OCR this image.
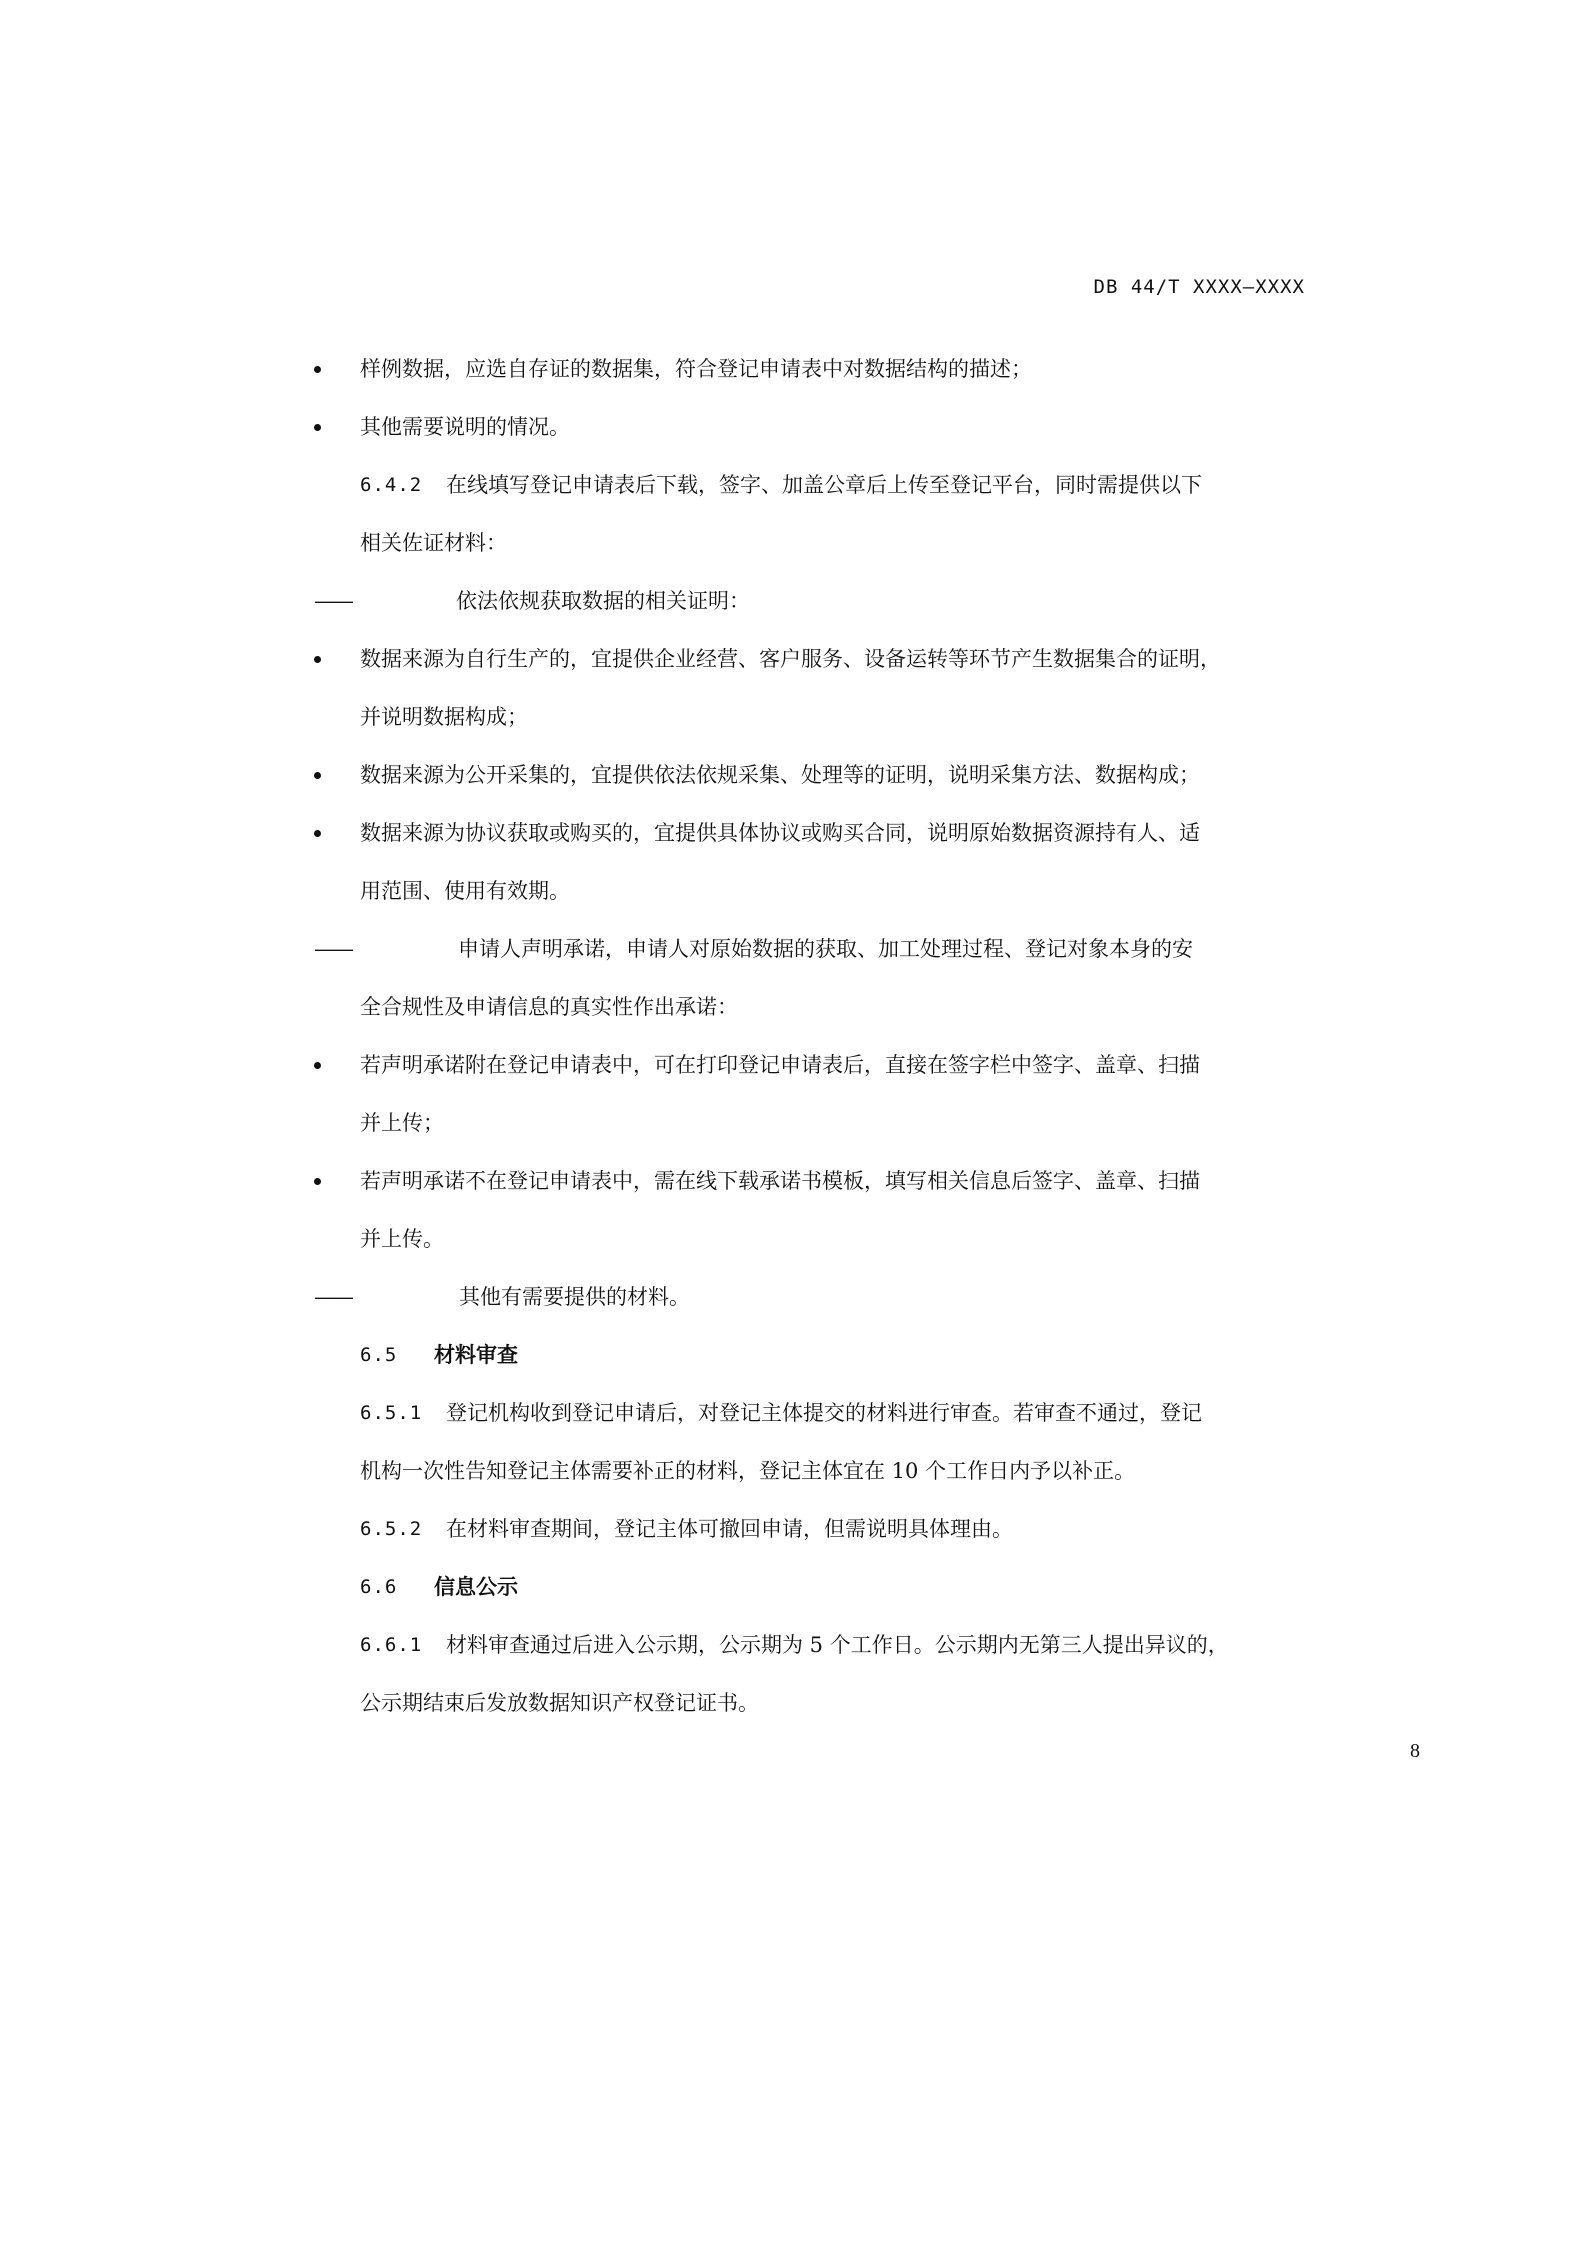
DB 44/T XXXX—XXXX
样例数据，应选自存证的数据集，符合登记申请表中对数据结构的描述；
其他需要说明的情况。
6.4.2 在线填写登记申请表后下载，签字、加盖公章后上传至登记平台，同时需提供以下
相关佐证材料：
——	依法依规获取数据的相关证明：
数据来源为自行生产的，宜提供企业经营、客户服务、设备运转等环节产生数据集合的证明，
并说明数据构成；
数据来源为公开采集的，宜提供依法依规采集、处理等的证明，说明采集方法、数据构成；
数据来源为协议获取或购买的，宜提供具体协议或购买合同，说明原始数据资源持有人、适
用范围、使用有效期。
——	申请人声明承诺，申请人对原始数据的获取、加工处理过程、登记对象本身的安
全合规性及申请信息的真实性作出承诺：
若声明承诺附在登记申请表中，可在打印登记申请表后，直接在签字栏中签字、盖章、扫描
并上传；
若声明承诺不在登记申请表中，需在线下载承诺书模板，填写相关信息后签字、盖章、扫描
并上传。
——	其他有需要提供的材料。
6.5 材料审查
6.5.1 登记机构收到登记申请后，对登记主体提交的材料进行审查。若审查不通过，登记
机构一次性告知登记主体需要补正的材料，登记主体宜在 10 个工作日内予以补正。
6.5.2 在材料审查期间，登记主体可撤回申请，但需说明具体理由。
6.6 信息公示
6.6.1 材料审查通过后进入公示期，公示期为 5 个工作日。公示期内无第三人提出异议的，
公示期结束后发放数据知识产权登记证书。
8
